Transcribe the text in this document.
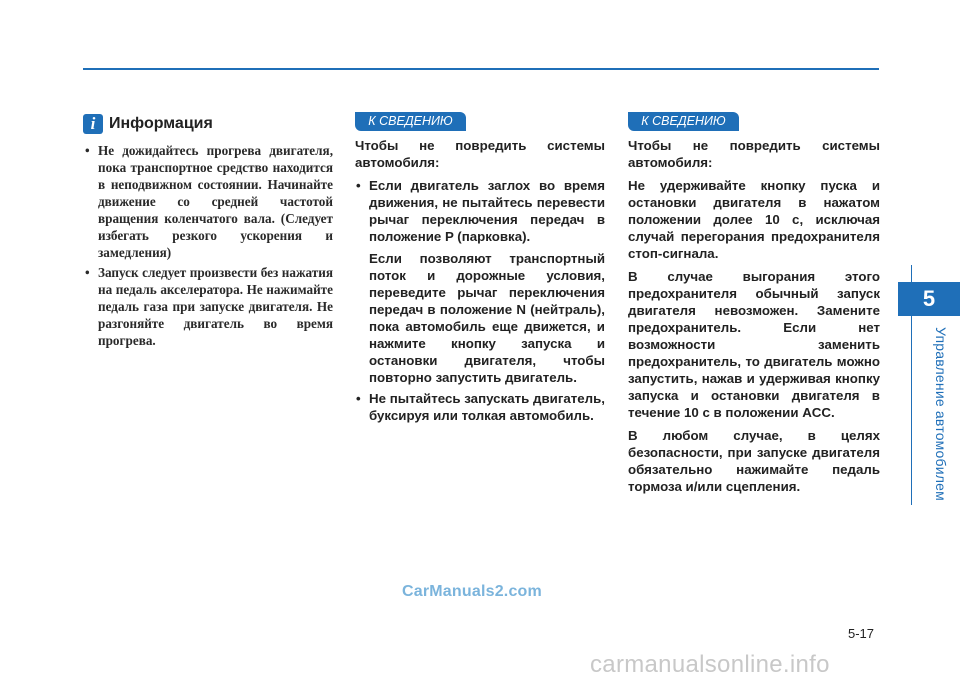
5
Управление автомобилем
i Информация
• Не дожидайтесь прогрева двигателя, пока транспортное средство находится в неподвижном состоянии. Начинайте движение со средней частотой вращения коленчатого вала. (Следует избегать резкого ускорения и замедления)
• Запуск следует произвести без нажатия на педаль акселератора. Не нажимайте педаль газа при запуске двигателя. Не разгоняйте двигатель во время прогрева.
К СВЕДЕНИЮ

Чтобы не повредить системы автомобиля:

• Если двигатель заглох во время движения, не пытайтесь перевести рычаг переключения передач в положение P (парковка).

Если позволяют транспортный поток и дорожные условия, переведите рычаг переключения передач в положение N (нейтраль), пока автомобиль еще движется, и нажмите кнопку запуска и остановки двигателя, чтобы повторно запустить двигатель.

• Не пытайтесь запускать двигатель, буксируя или толкая автомобиль.

К СВЕДЕНИЮ

Чтобы не повредить системы автомобиля:

Не удерживайте кнопку пуска и остановки двигателя в нажатом положении долее 10 с, исключая случай перегорания предохранителя стоп-сигнала.

В случае выгорания этого предохранителя обычный запуск двигателя невозможен. Замените предохранитель. Если нет возможности заменить предохранитель, то двигатель можно запустить, нажав и удерживая кнопку запуска и остановки двигателя в течение 10 с в положении ACC.

В любом случае, в целях безопасности, при запуске двигателя обязательно нажимайте педаль тормоза и/или сцепления.

CarManuals2.com
5-17
carmanualsonline.info
